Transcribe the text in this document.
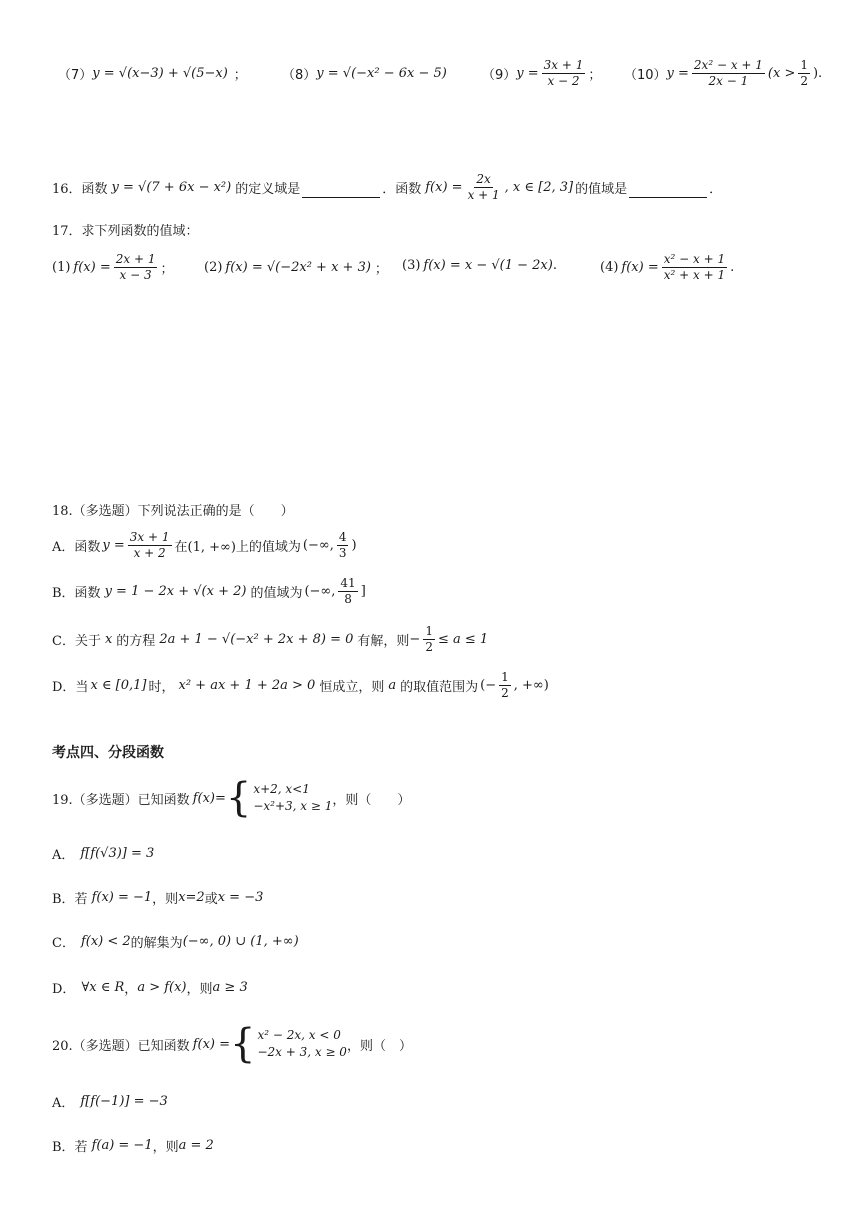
（7） y = √(x−3) + √(5−x) ；	（8） y = √(−x² − 6x − 5)	（9） $y = \frac{3x + 1}{x - 2}$ ； （10） $y = \frac{\text{2x² − x + 1}}{2x - 1} (x > \frac{1}{2}$ ).
16．函数 y = √(7 + 6x − x²) 的定义域是	．函数 $f(x) = \frac{2x}{x + 1}$ , x ∈ [2, 3] 的值域是	．
17．求下列函数的值域：
(1) $f(x) = \frac{2x + 1}{x - 3}$ ； (2) f(x) = √(−2x² + x + 3) ； (3) f(x) = x − √(1 − 2x) .	(4) $f(x) = \frac{\text{x² − x + 1}}{\text{x² + x + 1}}$ .
18.（多选题）下列说法正确的是（　　）
A．函数 $y = \frac{3x + 1}{x + 2}$ 在(1, +∞)上的值域为 (−∞, $\frac{4}{3}$ )
B．函数 y = 1 − 2x + √(x + 2) 的值域为 (−∞, $\frac{41}{8}$ ]
C．关于 x 的方程 2a + 1 − √(−x² + 2x + 8) = 0 有解，则 − $\frac{1}{2} \le a \le 1$
D．当 x ∈ [0,1] 时， x² + ax + 1 + 2a > 0 恒成立，则 a 的取值范围为 (− $\frac{1}{2}$ , +∞)
考点四、分段函数
19.（多选题）已知函数 f(x)= { x+2, x<1
−x²+3, x ≥ 1 ，则（　　）
A． f[f(√3)] = 3
B．若 f(x) = −1 ，则 x=2 或 x = −3
C． f(x) < 2 的解集为 (−∞, 0) ∪ (1, +∞)
D． ∀x ∈ R ， a > f(x) ，则 a ≥ 3
20.（多选题）已知函数 f(x) = { x² − 2x, x < 0
−2x + 3, x ≥ 0 ，则（　）
A． f[f(−1)] = −3
B．若 f(a) = −1 ，则 a = 2
